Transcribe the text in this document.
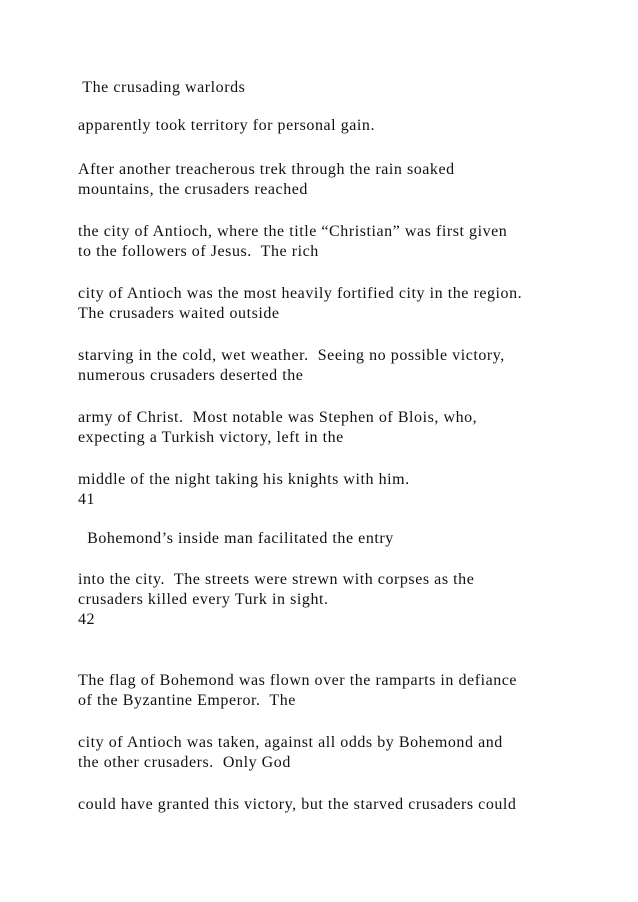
The crusading warlords

apparently took territory for personal gain.

After another treacherous trek through the rain soaked

mountains, the crusaders reached

the city of Antioch, where the title “Christian” was first given

to the followers of Jesus.  The rich

city of Antioch was the most heavily fortified city in the region.

The crusaders waited outside

starving in the cold, wet weather.  Seeing no possible victory,

numerous crusaders deserted the

army of Christ.  Most notable was Stephen of Blois, who,

expecting a Turkish victory, left in the

middle of the night taking his knights with him.

41

Bohemond’s inside man facilitated the entry

into the city.  The streets were strewn with corpses as the

crusaders killed every Turk in sight.

42

The flag of Bohemond was flown over the ramparts in defiance

of the Byzantine Emperor.  The

city of Antioch was taken, against all odds by Bohemond and

the other crusaders.  Only God

could have granted this victory, but the starved crusaders could
